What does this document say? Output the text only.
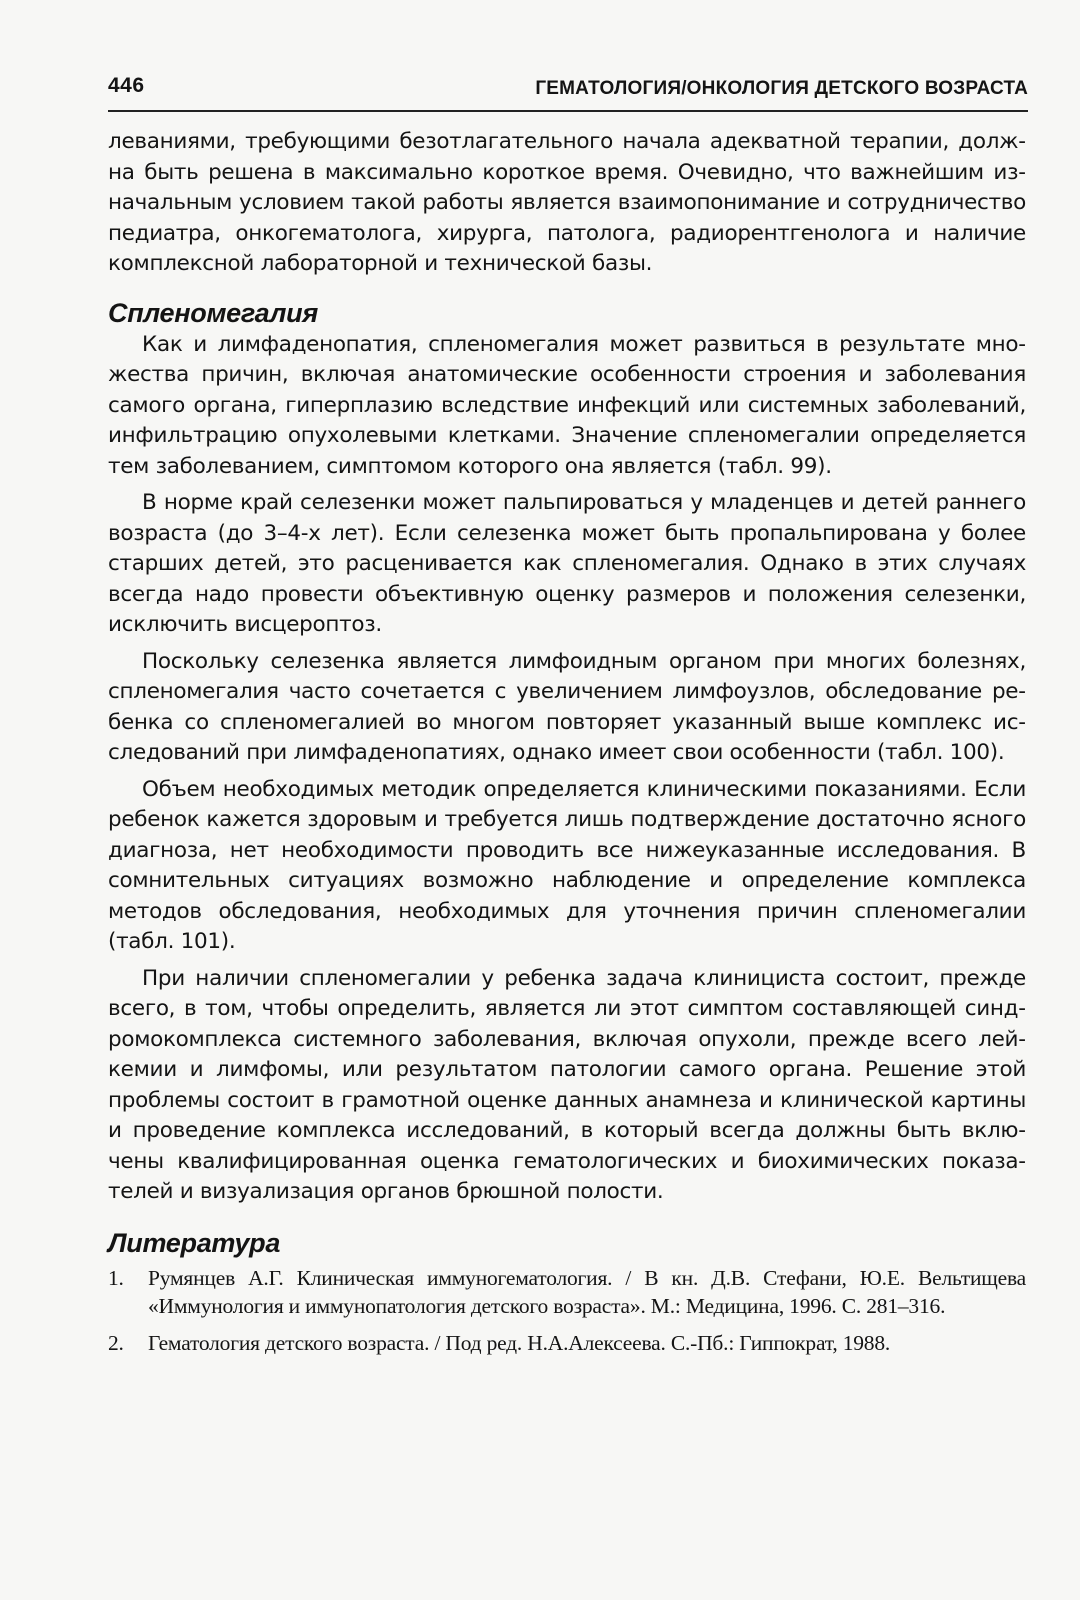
446	ГЕМАТОЛОГИЯ/ОНКОЛОГИЯ ДЕТСКОГО ВОЗРАСТА

леваниями, требующими безотлагательного начала адекватной терапии, должна быть решена в максимально короткое время. Очевидно, что важнейшим изначальным условием такой работы является взаимопонимание и сотрудничество педиатра, онкогематолога, хирурга, патолога, радиорентгенолога и наличие комплексной лабораторной и технической базы.

Спленомегалия

Как и лимфаденопатия, спленомегалия может развиться в результате множества причин, включая анатомические особенности строения и заболевания самого органа, гиперплазию вследствие инфекций или системных заболеваний, инфильтрацию опухолевыми клетками. Значение спленомегалии определяется тем заболеванием, симптомом которого она является (табл. 99).

В норме край селезенки может пальпироваться у младенцев и детей раннего возраста (до 3–4-х лет). Если селезенка может быть пропальпирована у более старших детей, это расценивается как спленомегалия. Однако в этих случаях всегда надо провести объективную оценку размеров и положения селезенки, исключить висцероптоз.

Поскольку селезенка является лимфоидным органом при многих болезнях, спленомегалия часто сочетается с увеличением лимфоузлов, обследование ребенка со спленомегалией во многом повторяет указанный выше комплекс исследований при лимфаденопатиях, однако имеет свои особенности (табл. 100).

Объем необходимых методик определяется клиническими показаниями. Если ребенок кажется здоровым и требуется лишь подтверждение достаточно ясного диагноза, нет необходимости проводить все нижеуказанные исследования. В сомнительных ситуациях возможно наблюдение и определение комплекса методов обследования, необходимых для уточнения причин спленомегалии (табл. 101).

При наличии спленомегалии у ребенка задача клинициста состоит, прежде всего, в том, чтобы определить, является ли этот симптом составляющей синдромокомплекса системного заболевания, включая опухоли, прежде всего лейкемии и лимфомы, или результатом патологии самого органа. Решение этой проблемы состоит в грамотной оценке данных анамнеза и клинической картины и проведение комплекса исследований, в который всегда должны быть включены квалифицированная оценка гематологических и биохимических показателей и визуализация органов брюшной полости.

Литература
1. Румянцев А.Г. Клиническая иммуногематология. / В кн. Д.В. Стефани, Ю.Е. Вельтищева «Иммунология и иммунопатология детского возраста». М.: Медицина, 1996. С. 281–316.
2. Гематология детского возраста. / Под ред. Н.А.Алексеева. С.-Пб.: Гиппократ, 1988.
